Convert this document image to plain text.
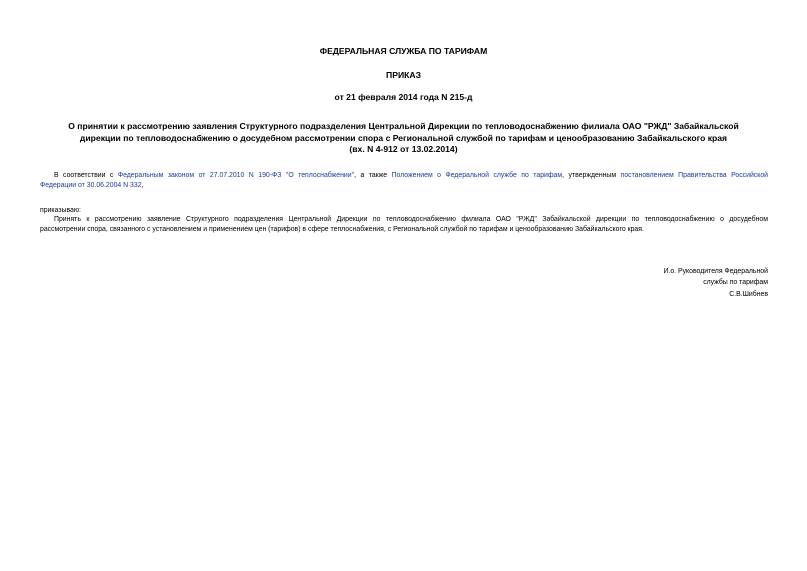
ФЕДЕРАЛЬНАЯ СЛУЖБА ПО ТАРИФАМ
ПРИКАЗ
от 21 февраля 2014 года N 215-д
О принятии к рассмотрению заявления Структурного подразделения Центральной Дирекции по тепловодоснабжению филиала ОАО "РЖД" Забайкальской
дирекции по тепловодоснабжению о досудебном рассмотрении спора с Региональной службой по тарифам и ценообразованию Забайкальского края
(вх. N 4-912 от 13.02.2014)
В соответствии с Федеральным законом от 27.07.2010 N 190-ФЗ "О теплоснабжении", а также Положением о Федеральной службе по тарифам, утвержденным постановлением Правительства Российской
Федерации от 30.06.2004 N 332,
приказываю:
Принять к рассмотрению заявление Структурного подразделения Центральной Дирекции по тепловодоснабжению филиала ОАО "РЖД" Забайкальской дирекции по тепловодоснабжению о досудебном
рассмотрении спора, связанного с установлением и применением цен (тарифов) в сфере теплоснабжения, с Региональной службой по тарифам и ценообразованию Забайкальского края.
И.о. Руководителя Федеральной
службы по тарифам
С.В.Шибнев
